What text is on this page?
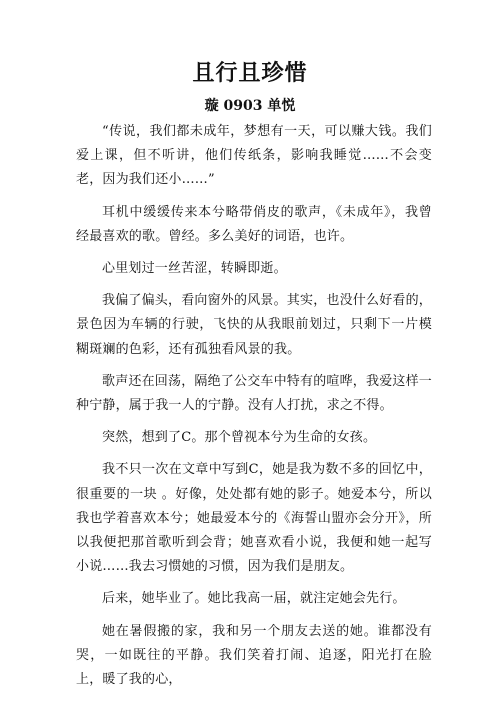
且行且珍惜
璇 0903 单悦

“传说，我们都未成年，梦想有一天，可以赚大钱。我们爱上课，但不听讲，他们传纸条，影响我睡觉……不会变老，因为我们还小……”

耳机中缓缓传来本兮略带俏皮的歌声，《未成年》，我曾经最喜欢的歌。曾经。多么美好的词语，也许。

心里划过一丝苦涩，转瞬即逝。

我偏了偏头，看向窗外的风景。其实，也没什么好看的，景色因为车辆的行驶，飞快的从我眼前划过，只剩下一片模糊斑斓的色彩，还有孤独看风景的我。

歌声还在回荡，隔绝了公交车中特有的喧哗，我爱这样一种宁静，属于我一人的宁静。没有人打扰，求之不得。

突然，想到了C。那个曾视本兮为生命的女孩。

我不只一次在文章中写到C，她是我为数不多的回忆中，很重要的一块 。好像，处处都有她的影子。她爱本兮，所以我也学着喜欢本兮；她最爱本兮的《海誓山盟亦会分开》，所以我便把那首歌听到会背；她喜欢看小说，我便和她一起写小说……我去习惯她的习惯，因为我们是朋友。

后来，她毕业了。她比我高一届，就注定她会先行。

她在暑假搬的家，我和另一个朋友去送的她。谁都没有哭，一如既往的平静。我们笑着打闹、追逐，阳光打在脸上，暖了我的心，
